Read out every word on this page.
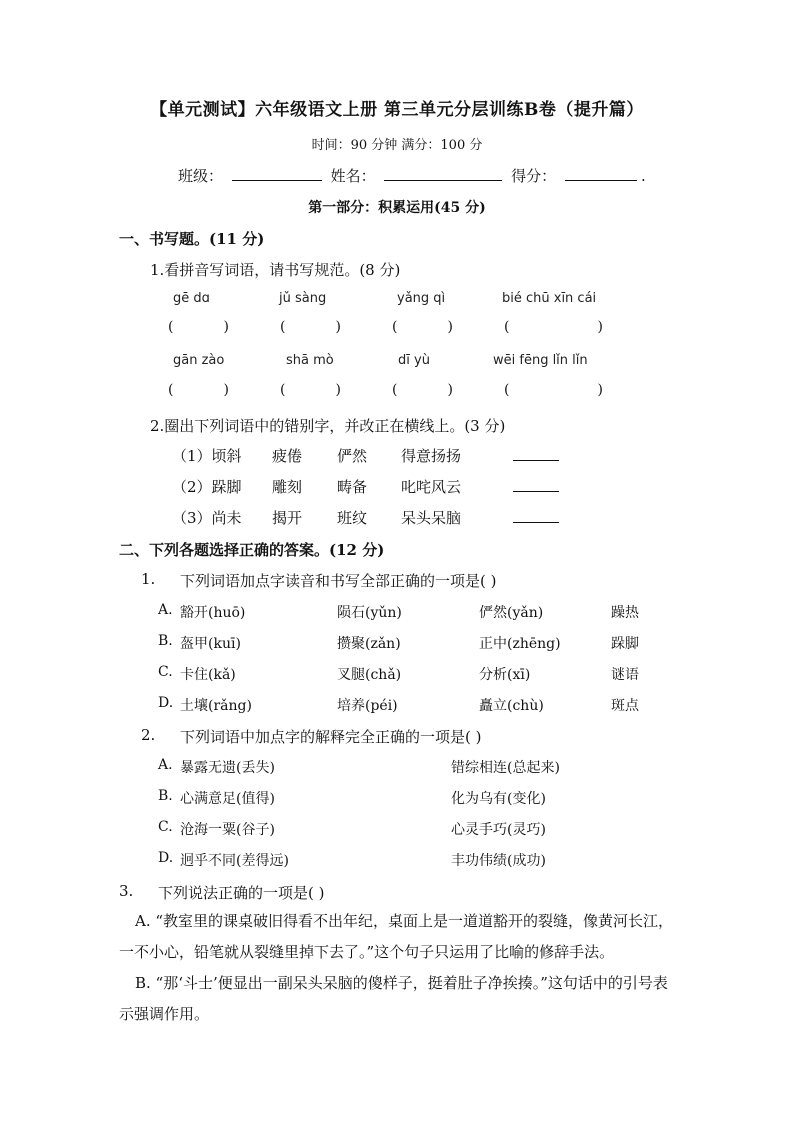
【单元测试】六年级语文上册 第三单元分层训练B卷（提升篇）
时间：90 分钟 满分：100 分
班级：	姓名：	得分：	.
第一部分：积累运用(45 分)
一、书写题。(11 分)
1.看拼音写词语，请书写规范。(8 分)
gē dɑ	jǔ sàng	yǎng qì	bié chū xīn cái
(	)	(	)	(	)	(	)
gān zào	shā mò	dī yù	wēi fēng lǐn lǐn
(	)	(	)	(	)	(	)
2.圈出下列词语中的错别字，并改正在横线上。(3 分)
（1）顷斜 疲倦 俨然 得意扬扬
（2）跺脚 雕刻 畴备 叱咤风云
（3）尚未 揭开 班纹 呆头呆脑
二、下列各题选择正确的答案。(12 分)
1. 下列词语加点字读音和书写全部正确的一项是( )
A. 豁开(huō)	陨石(yǔn)	俨然(yǎn)	躁热
B. 盔甲(kuī)	攒聚(zǎn)	正中(zhēng)	跺脚
C. 卡住(kǎ)	叉腿(chǎ)	分析(xī)	谜语
D. 土壤(rǎng)	培养(péi)	矗立(chù)	斑点
2. 下列词语中加点字的解释完全正确的一项是( )
A. 暴露无遗(丢失)	错综相连(总起来)
B. 心满意足(值得)	化为乌有(变化)
C. 沧海一粟(谷子)	心灵手巧(灵巧)
D. 迥乎不同(差得远)	丰功伟绩(成功)
3. 下列说法正确的一项是( )
A. “教室里的课桌破旧得看不出年纪，桌面上是一道道豁开的裂缝，像黄河长江，一不小心，铅笔就从裂缝里掉下去了。”这个句子只运用了比喻的修辞手法。
B. “那‘斗士’便显出一副呆头呆脑的傻样子，挺着肚子净挨揍。”这句话中的引号表示强调作用。
